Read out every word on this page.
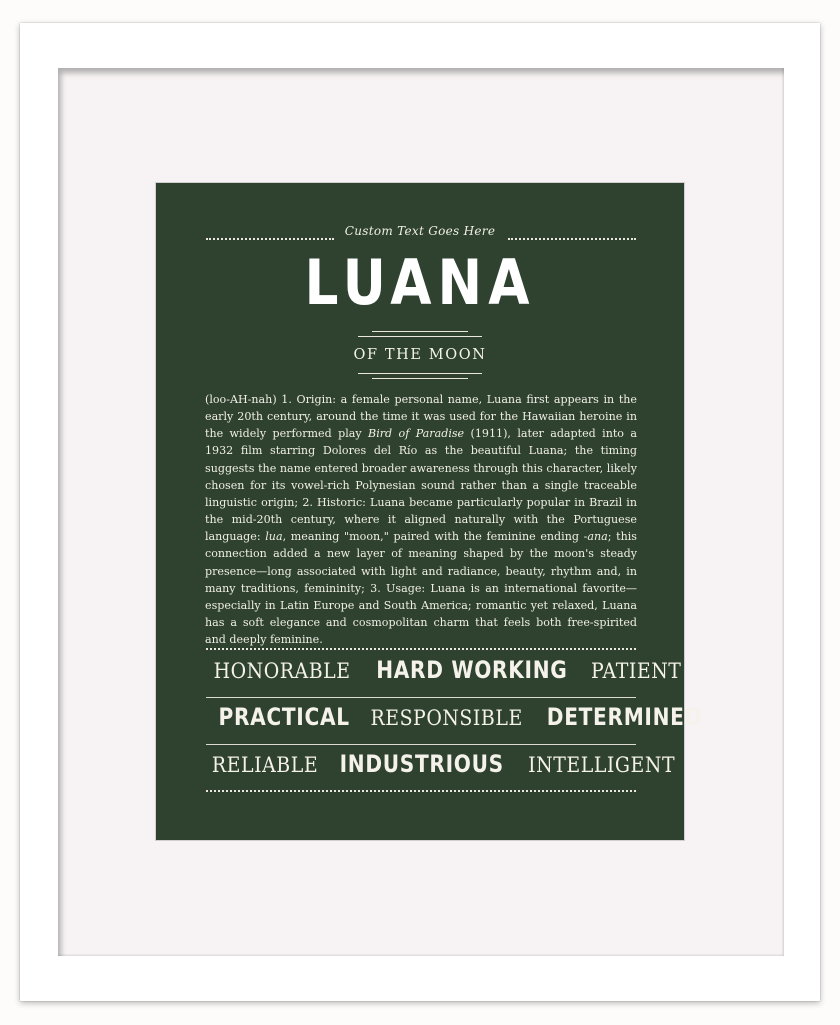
Custom Text Goes Here
LUANA
OF THE MOON
(loo-AH-nah) 1. Origin: a female personal name, Luana first appears in the early 20th century, around the time it was used for the Hawaiian heroine in the widely performed play Bird of Paradise (1911), later adapted into a 1932 film starring Dolores del Río as the beautiful Luana; the timing suggests the name entered broader awareness through this character, likely chosen for its vowel-rich Polynesian sound rather than a single traceable linguistic origin; 2. Historic: Luana became particularly popular in Brazil in the mid-20th century, where it aligned naturally with the Portuguese language: lua, meaning "moon," paired with the feminine ending -ana; this connection added a new layer of meaning shaped by the moon's steady presence—long associated with light and radiance, beauty, rhythm and, in many traditions, femininity; 3. Usage: Luana is an international favorite—especially in Latin Europe and South America; romantic yet relaxed, Luana has a soft elegance and cosmopolitan charm that feels both free-spirited and deeply feminine.
HONORABLE HARD WORKING PATIENT
PRACTICAL RESPONSIBLE DETERMINED
RELIABLE INDUSTRIOUS INTELLIGENT
